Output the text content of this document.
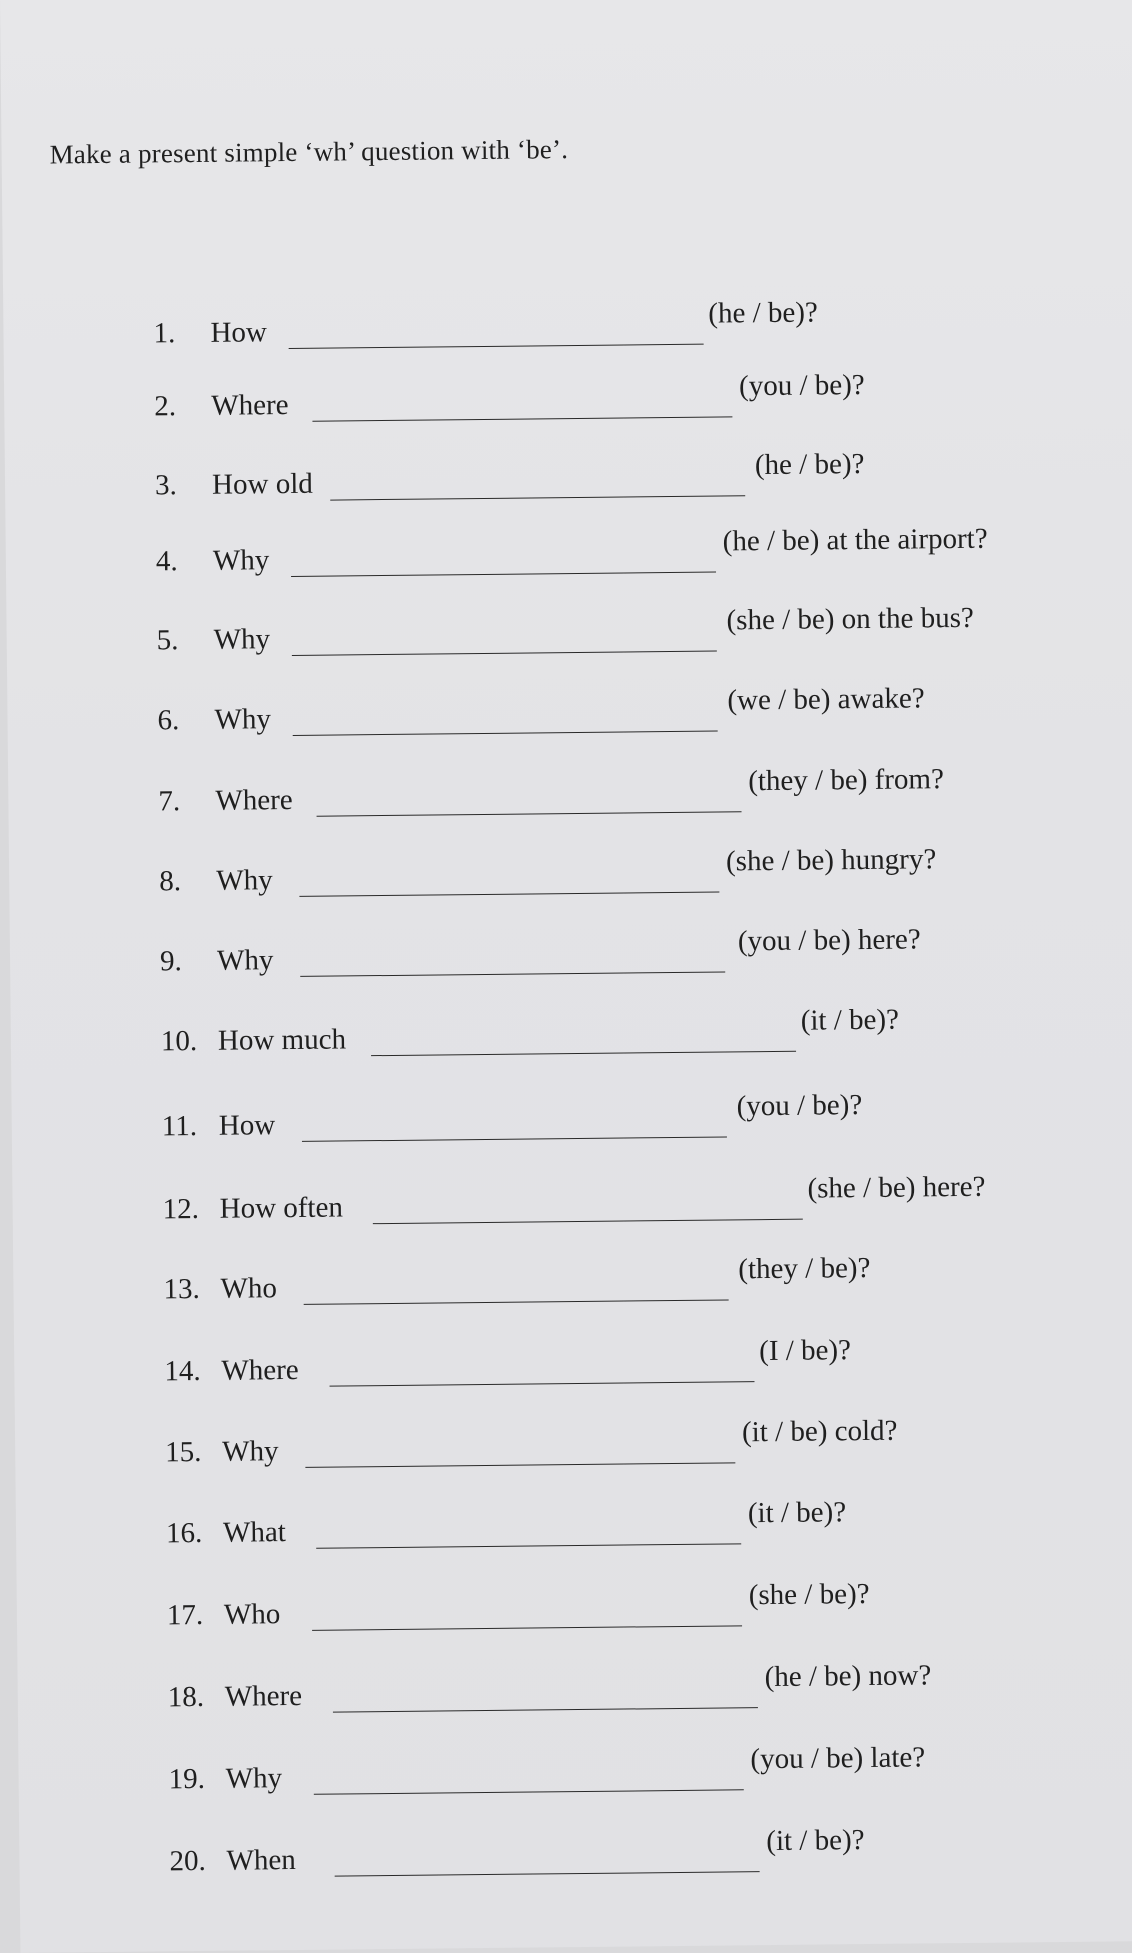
Make a present simple ‘wh’ question with ‘be’.
1. How
(he / be)?
2. Where
(you / be)?
3. How old
(he / be)?
4. Why
(he / be) at the airport?
5. Why
(she / be) on the bus?
6. Why
(we / be) awake?
7. Where
(they / be) from?
8. Why
(she / be) hungry?
9. Why
(you / be) here?
10. How much
(it / be)?
11. How
(you / be)?
12. How often
(she / be) here?
13. Who
(they / be)?
14. Where
(I / be)?
15. Why
(it / be) cold?
16. What
(it / be)?
17. Who
(she / be)?
18. Where
(he / be) now?
19. Why
(you / be) late?
20. When
(it / be)?
